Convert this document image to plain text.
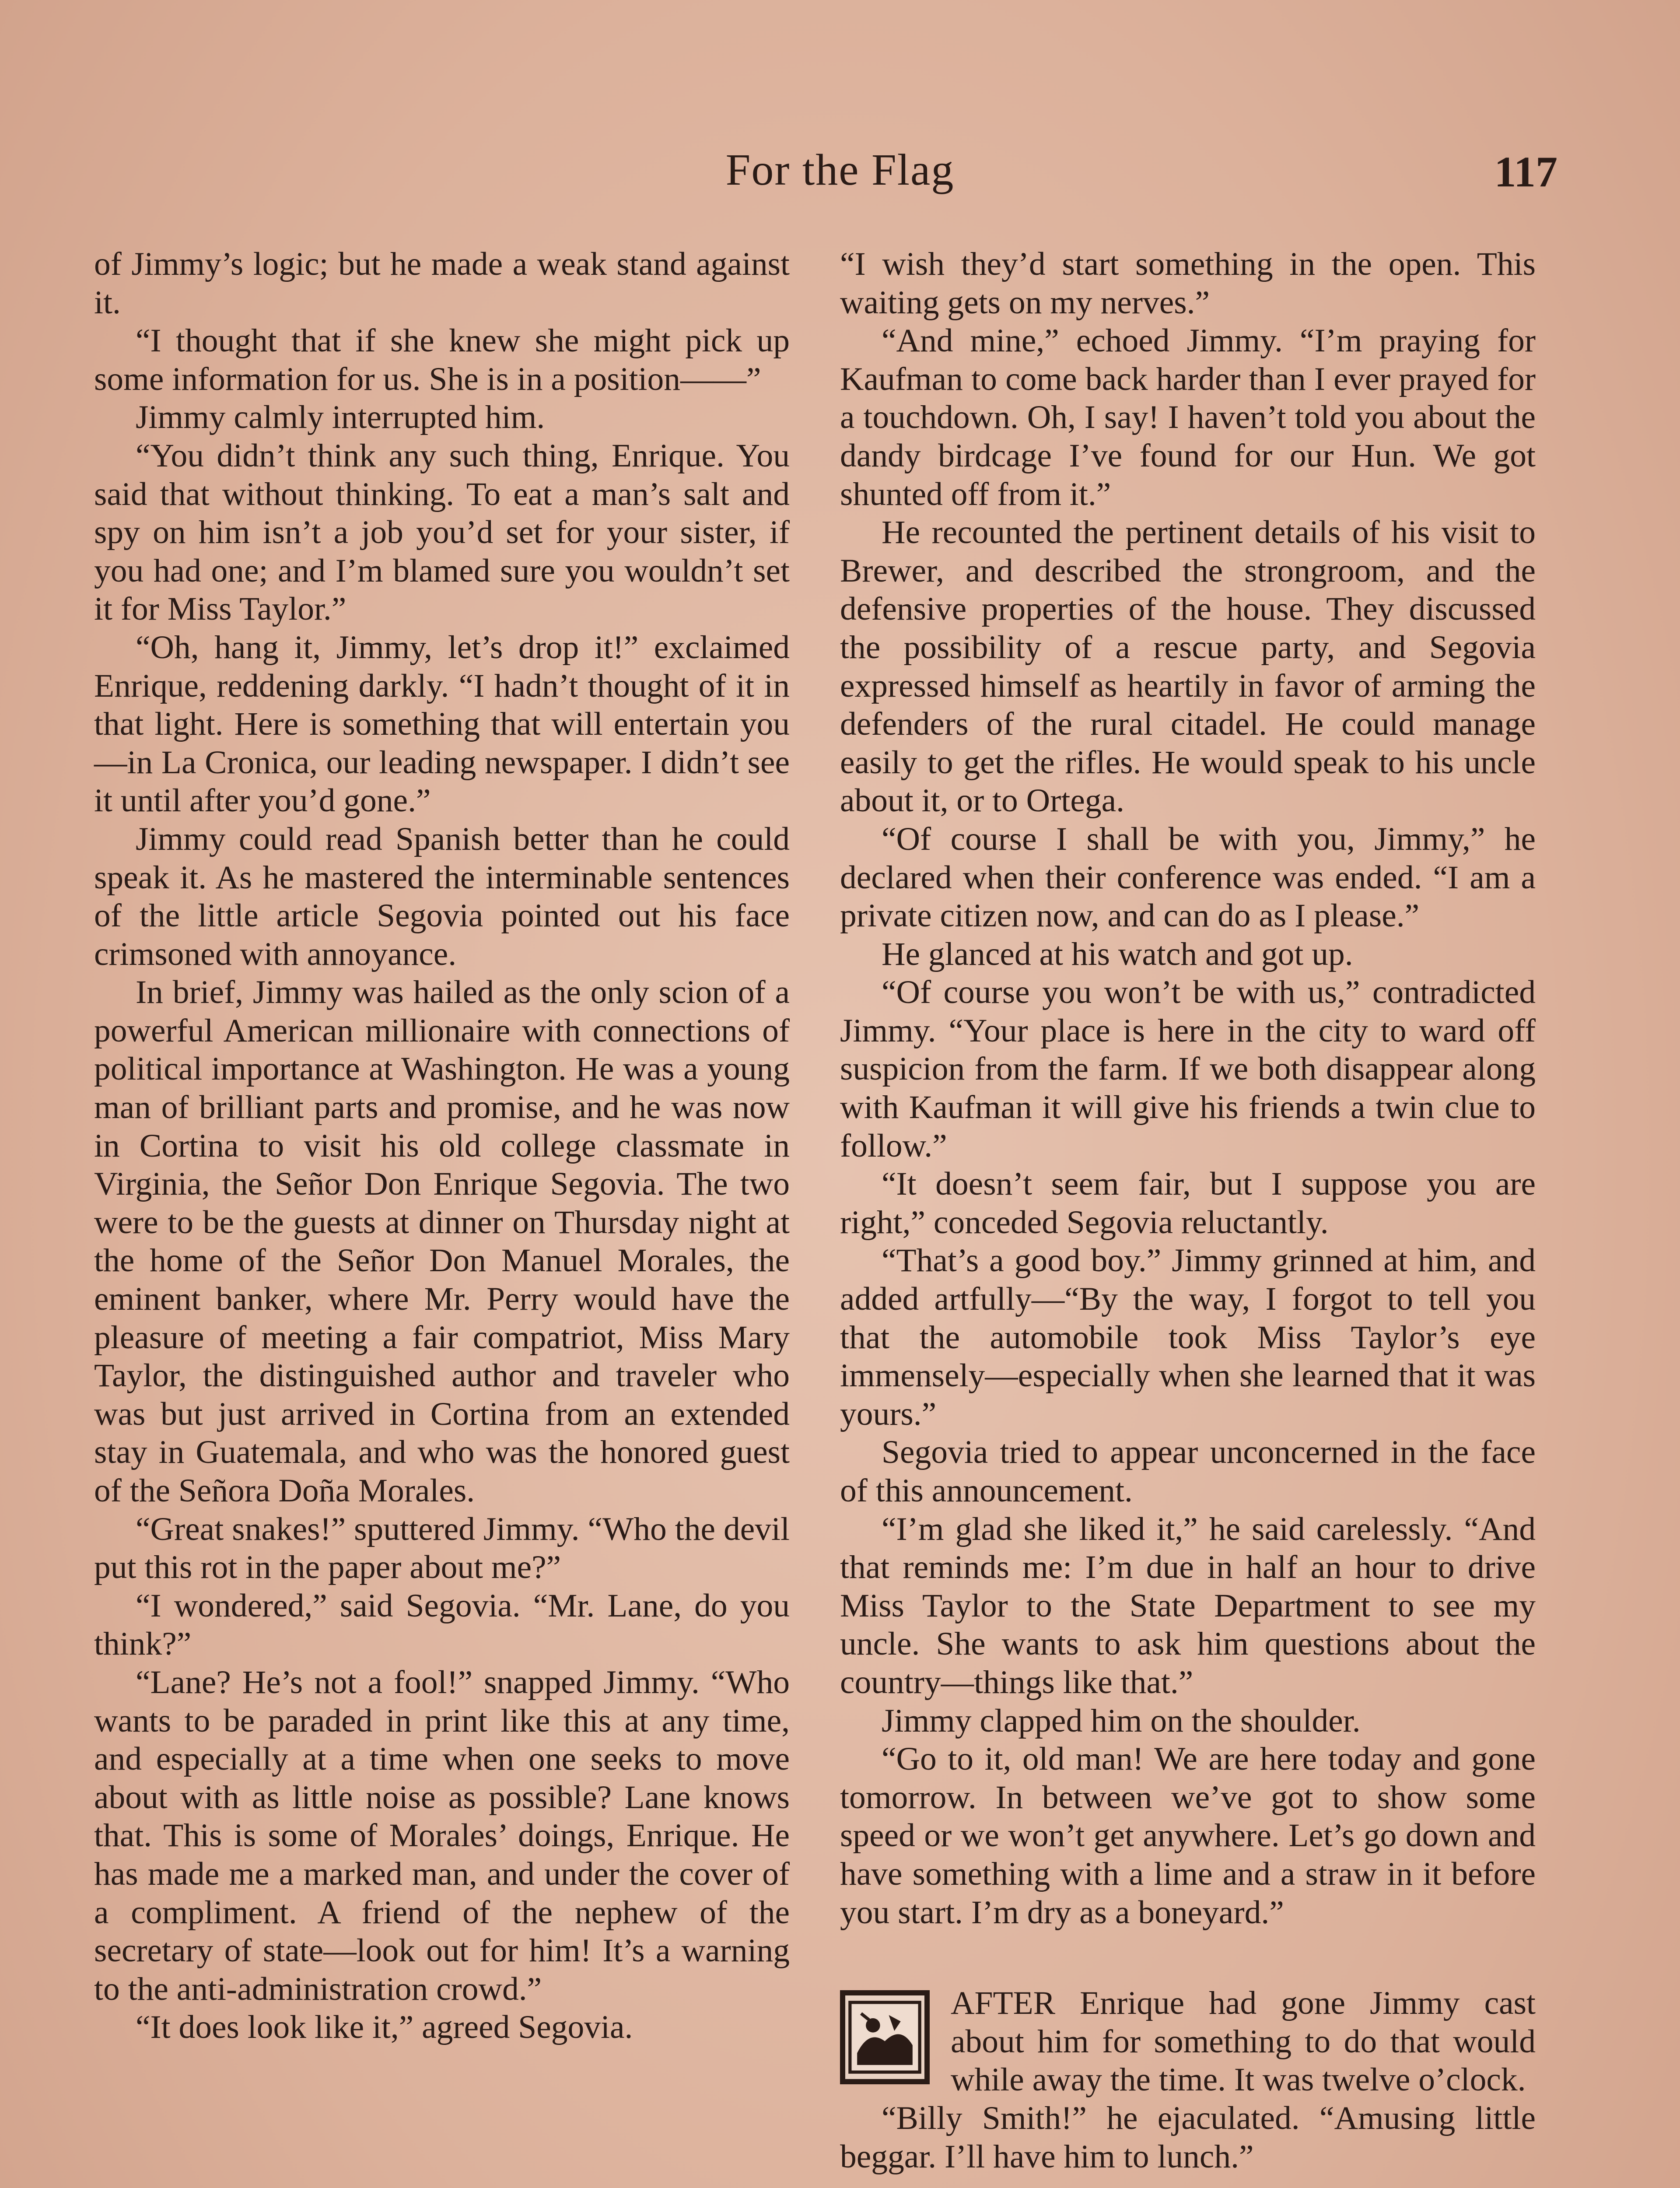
For the Flag	117

of Jimmy’s logic; but he made a weak stand against it.

“I thought that if she knew she might pick up some information for us. She is in a position——”

Jimmy calmly interrupted him.

“You didn’t think any such thing, Enrique. You said that without thinking. To eat a man’s salt and spy on him isn’t a job you’d set for your sister, if you had one; and I’m blamed sure you wouldn’t set it for Miss Taylor.”

“Oh, hang it, Jimmy, let’s drop it!” exclaimed Enrique, reddening darkly. “I hadn’t thought of it in that light. Here is something that will entertain you—in La Cronica, our leading newspaper. I didn’t see it until after you’d gone.”

Jimmy could read Spanish better than he could speak it. As he mastered the interminable sentences of the little article Segovia pointed out his face crimsoned with annoyance.

In brief, Jimmy was hailed as the only scion of a powerful American millionaire with connections of political importance at Washington. He was a young man of brilliant parts and promise, and he was now in Cortina to visit his old college classmate in Virginia, the Señor Don Enrique Segovia. The two were to be the guests at dinner on Thursday night at the home of the Señor Don Manuel Morales, the eminent banker, where Mr. Perry would have the pleasure of meeting a fair compatriot, Miss Mary Taylor, the distinguished author and traveler who was but just arrived in Cortina from an extended stay in Guatemala, and who was the honored guest of the Señora Doña Morales.

“Great snakes!” sputtered Jimmy. “Who the devil put this rot in the paper about me?”

“I wondered,” said Segovia. “Mr. Lane, do you think?”

“Lane? He’s not a fool!” snapped Jimmy. “Who wants to be paraded in print like this at any time, and especially at a time when one seeks to move about with as little noise as possible? Lane knows that. This is some of Morales’ doings, Enrique. He has made me a marked man, and under the cover of a compliment. A friend of the nephew of the secretary of state—look out for him! It’s a warning to the anti-administration crowd.”

“It does look like it,” agreed Segovia.

“I wish they’d start something in the open. This waiting gets on my nerves.”

“And mine,” echoed Jimmy. “I’m praying for Kaufman to come back harder than I ever prayed for a touchdown. Oh, I say! I haven’t told you about the dandy birdcage I’ve found for our Hun. We got shunted off from it.”

He recounted the pertinent details of his visit to Brewer, and described the strongroom, and the defensive properties of the house. They discussed the possibility of a rescue party, and Segovia expressed himself as heartily in favor of arming the defenders of the rural citadel. He could manage easily to get the rifles. He would speak to his uncle about it, or to Ortega.

“Of course I shall be with you, Jimmy,” he declared when their conference was ended. “I am a private citizen now, and can do as I please.”

He glanced at his watch and got up.

“Of course you won’t be with us,” contradicted Jimmy. “Your place is here in the city to ward off suspicion from the farm. If we both disappear along with Kaufman it will give his friends a twin clue to follow.”

“It doesn’t seem fair, but I suppose you are right,” conceded Segovia reluctantly.

“That’s a good boy.” Jimmy grinned at him, and added artfully—“By the way, I forgot to tell you that the automobile took Miss Taylor’s eye immensely—especially when she learned that it was yours.”

Segovia tried to appear unconcerned in the face of this announcement.

“I’m glad she liked it,” he said carelessly. “And that reminds me: I’m due in half an hour to drive Miss Taylor to the State Department to see my uncle. She wants to ask him questions about the country—things like that.”

Jimmy clapped him on the shoulder.

“Go to it, old man! We are here today and gone tomorrow. In between we’ve got to show some speed or we won’t get anywhere. Let’s go down and have something with a lime and a straw in it before you start. I’m dry as a boneyard.”

AFTER Enrique had gone Jimmy cast about him for something to do that would while away the time. It was twelve o’clock.

“Billy Smith!” he ejaculated. “Amusing little beggar. I’ll have him to lunch.”
